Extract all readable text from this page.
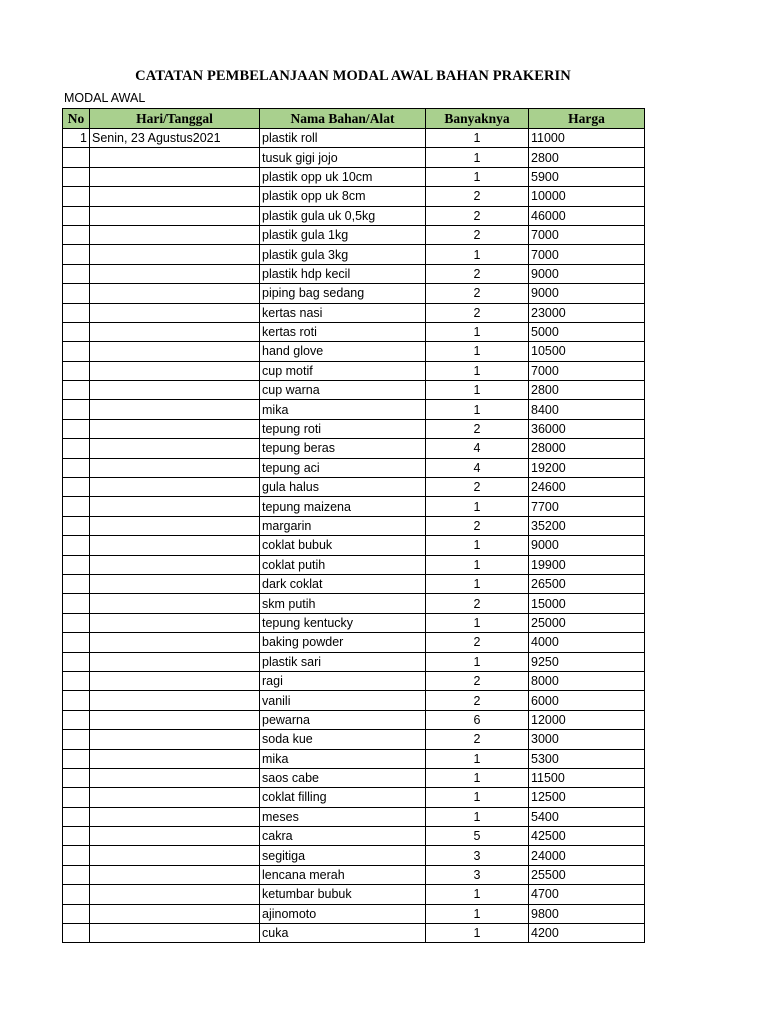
CATATAN PEMBELANJAAN MODAL AWAL BAHAN PRAKERIN
MODAL AWAL
No	Hari/Tanggal	Nama Bahan/Alat	Banyaknya	Harga
1	Senin, 23 Agustus2021	plastik roll	1	11000
		tusuk gigi jojo	1	2800
		plastik opp uk 10cm	1	5900
		plastik opp uk 8cm	2	10000
		plastik gula uk 0,5kg	2	46000
		plastik gula 1kg	2	7000
		plastik gula 3kg	1	7000
		plastik hdp kecil	2	9000
		piping bag sedang	2	9000
		kertas nasi	2	23000
		kertas roti	1	5000
		hand glove	1	10500
		cup motif	1	7000
		cup warna	1	2800
		mika	1	8400
		tepung roti	2	36000
		tepung beras	4	28000
		tepung aci	4	19200
		gula halus	2	24600
		tepung maizena	1	7700
		margarin	2	35200
		coklat bubuk	1	9000
		coklat putih	1	19900
		dark coklat	1	26500
		skm putih	2	15000
		tepung kentucky	1	25000
		baking powder	2	4000
		plastik sari	1	9250
		ragi	2	8000
		vanili	2	6000
		pewarna	6	12000
		soda kue	2	3000
		mika	1	5300
		saos cabe	1	11500
		coklat filling	1	12500
		meses	1	5400
		cakra	5	42500
		segitiga	3	24000
		lencana merah	3	25500
		ketumbar bubuk	1	4700
		ajinomoto	1	9800
		cuka	1	4200
